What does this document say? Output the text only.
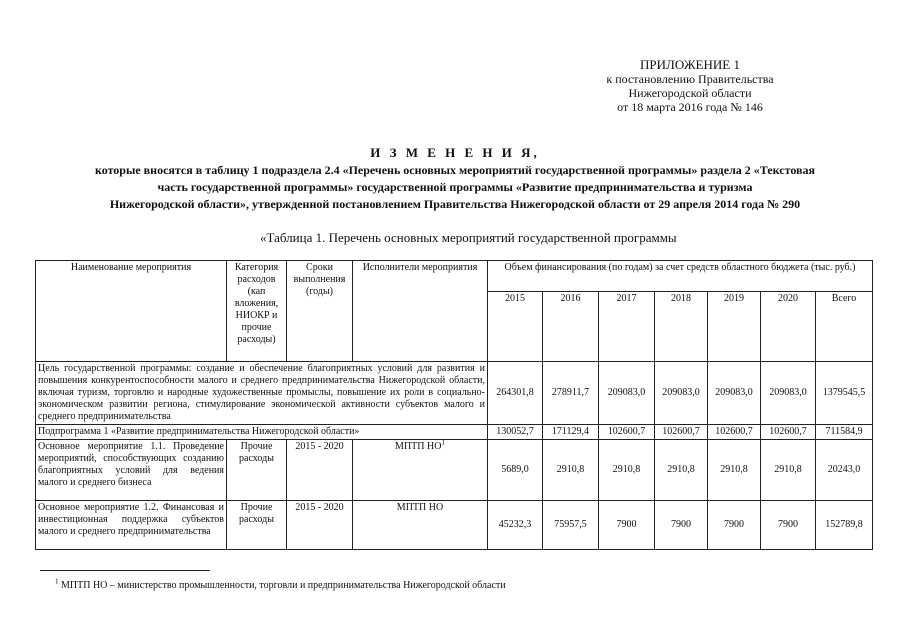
ПРИЛОЖЕНИЕ 1
к постановлению Правительства
Нижегородской области
от 18 марта 2016 года № 146
И З М Е Н Е Н И Я,
которые вносятся в таблицу 1 подраздела 2.4 «Перечень основных мероприятий государственной программы» раздела 2 «Текстовая
часть государственной программы» государственной программы «Развитие предпринимательства и туризма
Нижегородской области», утвержденной постановлением Правительства Нижегородской области от 29 апреля 2014 года № 290
«Таблица 1. Перечень основных мероприятий государственной программы
Наименование мероприятия	Категория расходов (кап вложения, НИОКР и прочие расходы)	Сроки выполнения (годы)	Исполнители мероприятия	Объем финансирования (по годам) за счет средств областного бюджета (тыс. руб.)						
				2015	2016	2017	2018	2019	2020	Всего
Цель государственной программы: создание и обеспечение благоприятных условий для развития и повышения конкурентоспособности малого и среднего предпринимательства Нижегородской области, включая туризм, торговлю и народные художественные промыслы, повышение их роли в социально-экономическом развитии региона, стимулирование экономической активности субъектов малого и среднего предпринимательства				264301,8	278911,7	209083,0	209083,0	209083,0	209083,0	1379545,5
Подпрограмма 1 «Развитие предпринимательства Нижегородской области»				130052,7	171129,4	102600,7	102600,7	102600,7	102600,7	711584,9
Основное мероприятие 1.1. Проведение мероприятий, способствующих созданию благоприятных условий для ведения малого и среднего бизнеса	Прочие расходы	2015 - 2020	МПТП $НО^1$	5689,0	2910,8	2910,8	2910,8	2910,8	2910,8	20243,0
Основное мероприятие 1.2. Финансовая и инвестиционная поддержка субъектов малого и среднего предпринимательства	Прочие расходы	2015 - 2020	МПТП НО	45232,3	75957,5	7900	7900	7900	7900	152789,8
$^1$ МПТП НО – министерство промышленности, торговли и предпринимательства Нижегородской области
